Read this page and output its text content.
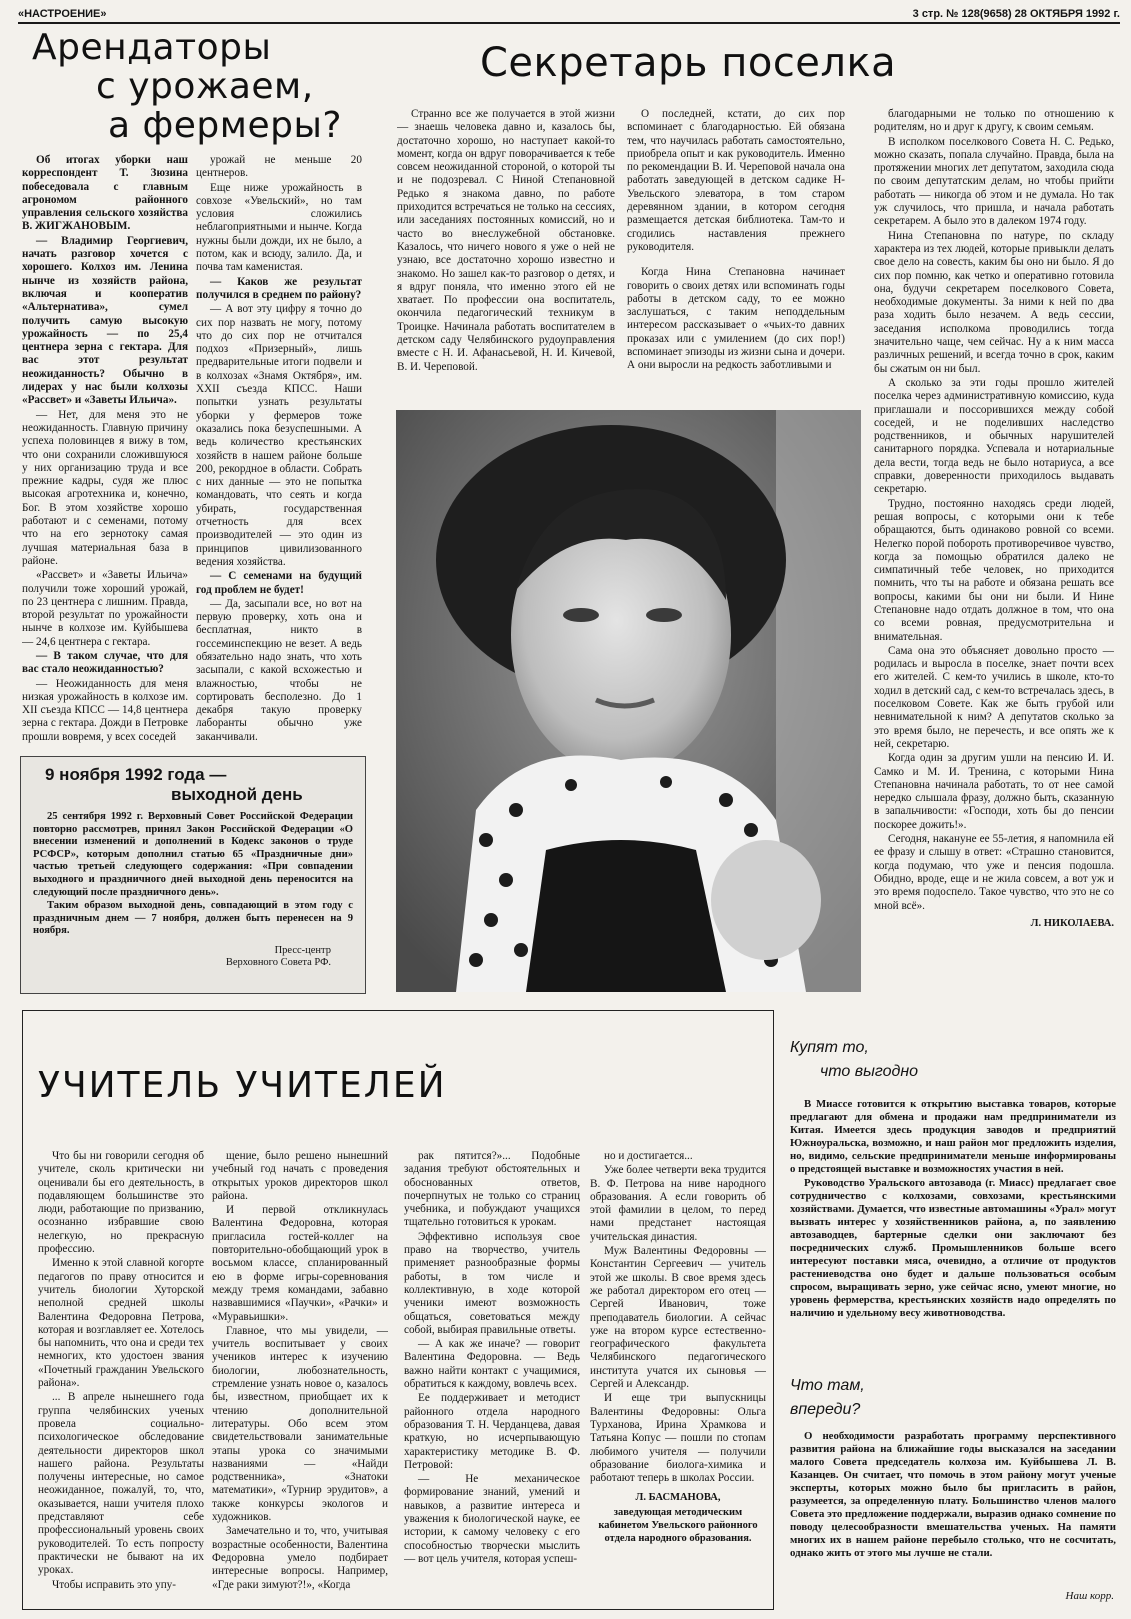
«НАСТРОЕНИЕ»	3 стр. № 128(9658) 28 ОКТЯБРЯ 1992 г.
Арендаторы
с урожаем,
а фермеры?

Об итогах уборки наш корреспондент Т. Зюзина побеседовала с главным агрономом районного управления сельского хозяйства В. ЖИГЖАНОВЫМ.

— Владимир Георгиевич, начать разговор хочется с хорошего. Колхоз им. Ленина нынче из хозяйств района, включая и кооператив «Альтернатива», сумел получить самую высокую урожайность — по 25,4 центнера зерна с гектара. Для вас этот результат неожиданность? Обычно в лидерах у нас были колхозы «Рассвет» и «Заветы Ильича».

— Нет, для меня это не неожиданность. Главную причину успеха половинцев я вижу в том, что они сохранили сложившуюся у них организацию труда и все прежние кадры, судя же плюс высокая агротехника и, конечно, Бог. В этом хозяйстве хорошо работают и с семенами, потому что на его зернотоку самая лучшая материальная база в районе.

«Рассвет» и «Заветы Ильича» получили тоже хороший урожай, по 23 центнера с лишним. Правда, второй результат по урожайности нынче в колхозе им. Куйбышева — 24,6 центнера с гектара.

— В таком случае, что для вас стало неожиданностью?

— Неожиданность для меня низкая урожайность в колхозе им. XII съезда КПСС — 14,8 центнера зерна с гектара. Дожди в Петровке прошли вовремя, у всех соседей

урожай не меньше 20 центнеров.

Еще ниже урожайность в совхозе «Увельский», но там условия сложились неблагоприятными и нынче. Когда нужны были дожди, их не было, а потом, как и всюду, залило. Да, и почва там каменистая.

— Каков же результат получился в среднем по району?

— А вот эту цифру я точно до сих пор назвать не могу, потому что до сих пор не отчитался подхоз «Призерный», лишь предварительные итоги подвели и в колхозах «Знамя Октября», им. XXII съезда КПСС. Наши попытки узнать результаты уборки у фермеров тоже оказались пока безуспешными. А ведь количество крестьянских хозяйств в нашем районе больше 200, рекордное в области. Собрать с них данные — это не попытка командовать, что сеять и когда убирать, государственная отчетность для всех производителей — это один из принципов цивилизованного ведения хозяйства.

— С семенами на будущий год проблем не будет!

— Да, засыпали все, но вот на первую проверку, хоть она и бесплатная, никто в госсеминспекцию не везет. А ведь обязательно надо знать, что хоть засыпали, с какой всхожестью и влажностью, чтобы не сортировать бесполезно. До 1 декабря такую проверку лаборанты обычно уже заканчивали.

9 ноября 1992 года —
выходной день

25 сентября 1992 г. Верховный Совет Российской Федерации повторно рассмотрев, принял Закон Российской Федерации «О внесении изменений и дополнений в Кодекс законов о труде РСФСР», которым дополнил статью 65 «Праздничные дни» частью третьей следующего содержания: «При совпадении выходного и праздничного дней выходной день переносится на следующий после праздничного день».

Таким образом выходной день, совпадающий в этом году с праздничным днем — 7 ноября, должен быть перенесен на 9 ноября.

Пресс-центр
Верховного Совета РФ.
Секретарь поселка

Странно все же получается в этой жизни — знаешь человека давно и, казалось бы, достаточно хорошо, но наступает какой-то момент, когда он вдруг поворачивается к тебе совсем неожиданной стороной, о которой ты и не подозревал. С Ниной Степановной Редько я знакома давно, по работе приходится встречаться не только на сессиях, или заседаниях постоянных комиссий, но и часто во внеслужебной обстановке. Казалось, что ничего нового я уже о ней не узнаю, все достаточно хорошо известно и знакомо. Но зашел как-то разговор о детях, и я вдруг поняла, что именно этого ей не хватает. По профессии она воспитатель, окончила педагогический техникум в Троицке. Начинала работать воспитателем в детском саду Челябинского рудоуправления вместе с Н. И. Афанасьевой, Н. И. Кичевой, В. И. Череповой.

О последней, кстати, до сих пор вспоминает с благодарностью. Ей обязана тем, что научилась работать самостоятельно, приобрела опыт и как руководитель. Именно по рекомендации В. И. Череповой начала она работать заведующей в детском садике Н-Увельского элеватора, в том старом деревянном здании, в котором сегодня размещается детская библиотека. Там-то и сгодились наставления прежнего руководителя.

Когда Нина Степановна начинает говорить о своих детях или вспоминать годы работы в детском саду, то ее можно заслушаться, с таким неподдельным интересом рассказывает о «чьих-то давних проказах или с умилением (до сих пор!) вспоминает эпизоды из жизни сына и дочери. А они выросли на редкость заботливыми и

благодарными не только по отношению к родителям, но и друг к другу, к своим семьям.

В исполком поселкового Совета Н. С. Редько, можно сказать, попала случайно. Правда, была на протяжении многих лет депутатом, заходила сюда по своим депутатским делам, но чтобы прийти работать — никогда об этом и не думала. Но так уж случилось, что пришла, и начала работать секретарем. А было это в далеком 1974 году.

Нина Степановна по натуре, по складу характера из тех людей, которые привыкли делать свое дело на совесть, каким бы оно ни было. Я до сих пор помню, как четко и оперативно готовила она, будучи секретарем поселкового Совета, необходимые документы. За ними к ней по два раза ходить было незачем. А ведь сессии, заседания исполкома проводились тогда значительно чаще, чем сейчас. Ну а к ним масса различных решений, и всегда точно в срок, каким бы сжатым он ни был.

А сколько за эти годы прошло жителей поселка через административную комиссию, куда приглашали и поссорившихся между собой соседей, и не поделивших наследство родственников, и обычных нарушителей санитарного порядка. Успевала и нотариальные дела вести, тогда ведь не было нотариуса, а все справки, доверенности приходилось выдавать секретарю.

Трудно, постоянно находясь среди людей, решая вопросы, с которыми они к тебе обращаются, быть одинаково ровной со всеми. Нелегко порой побороть противоречивое чувство, когда за помощью обратился далеко не симпатичный тебе человек, но приходится помнить, что ты на работе и обязана решать все вопросы, какими бы они ни были. И Нине Степановне надо отдать должное в том, что она со всеми ровная, предусмотрительна и внимательная.

Сама она это объясняет довольно просто — родилась и выросла в поселке, знает почти всех его жителей. С кем-то учились в школе, кто-то ходил в детский сад, с кем-то встречалась здесь, в поселковом Совете. Как же быть грубой или невнимательной к ним? А депутатов сколько за это время было, не перечесть, и все опять же к ней, секретарю.

Когда один за другим ушли на пенсию И. И. Самко и М. И. Тренина, с которыми Нина Степановна начинала работать, то от нее самой нередко слышала фразу, должно быть, сказанную в запальчивости: «Господи, хоть бы до пенсии поскорее дожить!».

Сегодня, накануне ее 55-летия, я напомнила ей ее фразу и слышу в ответ: «Страшно становится, когда подумаю, что уже и пенсия подошла. Обидно, вроде, еще и не жила совсем, а вот уж и это время подоспело. Такое чувство, что это не со мной всё».

Л. НИКОЛАЕВА.

УЧИТЕЛЬ УЧИТЕЛЕЙ

Что бы ни говорили сегодня об учителе, сколь критически ни оценивали бы его деятельность, в подавляющем большинстве это люди, работающие по призванию, осознанно избравшие свою нелегкую, но прекрасную профессию.

Именно к этой славной когорте педагогов по праву относится и учитель биологии Хуторской неполной средней школы Валентина Федоровна Петрова, которая и возглавляет ее. Хотелось бы напомнить, что она и среди тех немногих, кто удостоен звания «Почетный гражданин Увельского района».

... В апреле нынешнего года группа челябинских ученых провела социально-психологическое обследование деятельности директоров школ нашего района. Результаты получены интересные, но самое неожиданное, пожалуй, то, что, оказывается, наши учителя плохо представляют себе профессиональный уровень своих руководителей. То есть попросту практически не бывают на их уроках.

Чтобы исправить это упу-

щение, было решено нынешний учебный год начать с проведения открытых уроков директоров школ района.

И первой откликнулась Валентина Федоровна, которая пригласила гостей-коллег на повторительно-обобщающий урок в восьмом классе, спланированный ею в форме игры-соревнования между тремя командами, забавно назвавшимися «Паучки», «Рачки» и «Муравьишки».

Главное, что мы увидели, — учитель воспитывает у своих учеников интерес к изучению биологии, любознательность, стремление узнать новое о, казалось бы, известном, приобщает их к чтению дополнительной литературы. Обо всем этом свидетельствовали занимательные этапы урока со значимыми названиями — «Найди родственника», «Знатоки математики», «Турнир эрудитов», а также конкурсы экологов и художников.

Замечательно и то, что, учитывая возрастные особенности, Валентина Федоровна умело подбирает интересные вопросы. Например, «Где раки зимуют?!», «Когда

рак пятится?»... Подобные задания требуют обстоятельных и обоснованных ответов, почерпнутых не только со страниц учебника, и побуждают учащихся тщательно готовиться к урокам.

Эффективно используя свое право на творчество, учитель применяет разнообразные формы работы, в том числе и коллективную, в ходе которой ученики имеют возможность общаться, советоваться между собой, выбирая правильные ответы.

— А как же иначе? — говорит Валентина Федоровна. — Ведь важно найти контакт с учащимися, обратиться к каждому, вовлечь всех.

Ее поддерживает и методист районного отдела народного образования Т. Н. Черданцева, давая краткую, но исчерпывающую характеристику методике В. Ф. Петровой:

— Не механическое формирование знаний, умений и навыков, а развитие интереса и уважения к биологической науке, ее истории, к самому человеку с его способностью творчески мыслить — вот цель учителя, которая успеш-

но и достигается...

Уже более четверти века трудится В. Ф. Петрова на ниве народного образования. А если говорить об этой фамилии в целом, то перед нами предстанет настоящая учительская династия.

Муж Валентины Федоровны — Константин Сергеевич — учитель этой же школы. В свое время здесь же работал директором его отец — Сергей Иванович, тоже преподаватель биологии. А сейчас уже на втором курсе естественно-географического факультета Челябинского педагогического института учатся их сыновья — Сергей и Александр.

И еще три выпускницы Валентины Федоровны: Ольга Турханова, Ирина Храмкова и Татьяна Копус — пошли по стопам любимого учителя — получили образование биолога-химика и работают теперь в школах России.

Л. БАСМАНОВА,

заведующая методическим кабинетом Увельского районного отдела народного образования.

Купят то,
что выгодно

В Миассе готовится к открытию выставка товаров, которые предлагают для обмена и продажи нам предприниматели из Китая. Имеется здесь продукция заводов и предприятий Южноуральска, возможно, и наш район мог предложить изделия, но, видимо, сельские предприниматели меньше информированы о предстоящей выставке и возможностях участия в ней.

Руководство Уральского автозавода (г. Миасс) предлагает свое сотрудничество с колхозами, совхозами, крестьянскими хозяйствами. Думается, что известные автомашины «Урал» могут вызвать интерес у хозяйственников района, а, по заявлению автозаводцев, бартерные сделки они заключают без посреднических служб. Промышленников больше всего интересуют поставки мяса, очевидно, а отличие от продуктов растениеводства оно будет и дальше пользоваться особым спросом, выращивать зерно, уже сейчас ясно, умеют многие, но уровень фермерства, крестьянских хозяйств надо определять по наличию и удельному весу животноводства.

Что там,
впереди?

О необходимости разработать программу перспективного развития района на ближайшие годы высказался на заседании малого Совета председатель колхоза им. Куйбышева Л. В. Казанцев. Он считает, что помочь в этом району могут ученые эксперты, которых можно было бы пригласить в район, разумеется, за определенную плату. Большинство членов малого Совета это предложение поддержали, выразив однако сомнение по поводу целесообразности вмешательства ученых. На памяти многих их в нашем районе перебыло столько, что не сосчитать, однако жить от этого мы лучше не стали.

Наш корр.
